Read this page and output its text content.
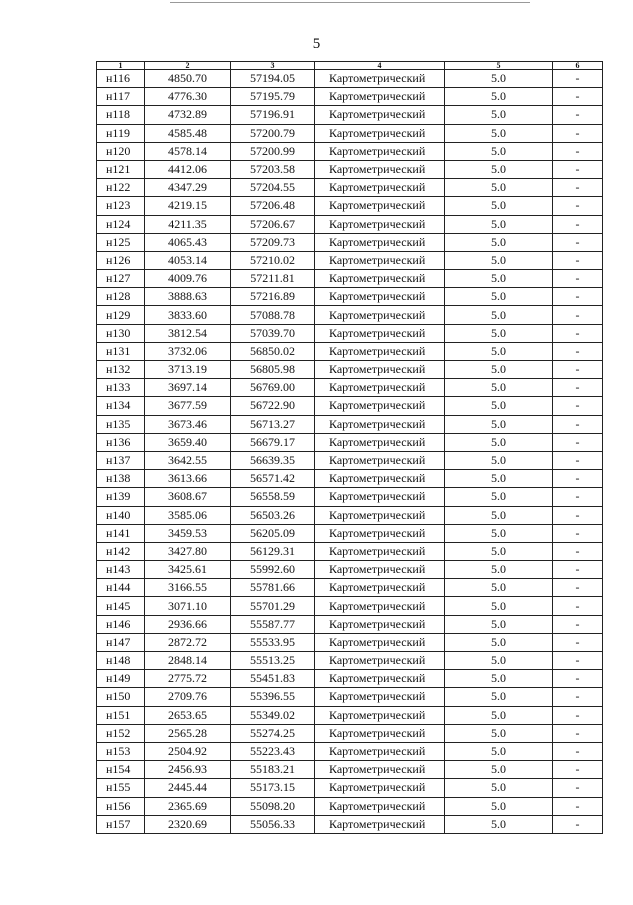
5
1	2	3	4	5	6
н116	4850.70	57194.05	Картометрический	5.0	-
н117	4776.30	57195.79	Картометрический	5.0	-
н118	4732.89	57196.91	Картометрический	5.0	-
н119	4585.48	57200.79	Картометрический	5.0	-
н120	4578.14	57200.99	Картометрический	5.0	-
н121	4412.06	57203.58	Картометрический	5.0	-
н122	4347.29	57204.55	Картометрический	5.0	-
н123	4219.15	57206.48	Картометрический	5.0	-
н124	4211.35	57206.67	Картометрический	5.0	-
н125	4065.43	57209.73	Картометрический	5.0	-
н126	4053.14	57210.02	Картометрический	5.0	-
н127	4009.76	57211.81	Картометрический	5.0	-
н128	3888.63	57216.89	Картометрический	5.0	-
н129	3833.60	57088.78	Картометрический	5.0	-
н130	3812.54	57039.70	Картометрический	5.0	-
н131	3732.06	56850.02	Картометрический	5.0	-
н132	3713.19	56805.98	Картометрический	5.0	-
н133	3697.14	56769.00	Картометрический	5.0	-
н134	3677.59	56722.90	Картометрический	5.0	-
н135	3673.46	56713.27	Картометрический	5.0	-
н136	3659.40	56679.17	Картометрический	5.0	-
н137	3642.55	56639.35	Картометрический	5.0	-
н138	3613.66	56571.42	Картометрический	5.0	-
н139	3608.67	56558.59	Картометрический	5.0	-
н140	3585.06	56503.26	Картометрический	5.0	-
н141	3459.53	56205.09	Картометрический	5.0	-
н142	3427.80	56129.31	Картометрический	5.0	-
н143	3425.61	55992.60	Картометрический	5.0	-
н144	3166.55	55781.66	Картометрический	5.0	-
н145	3071.10	55701.29	Картометрический	5.0	-
н146	2936.66	55587.77	Картометрический	5.0	-
н147	2872.72	55533.95	Картометрический	5.0	-
н148	2848.14	55513.25	Картометрический	5.0	-
н149	2775.72	55451.83	Картометрический	5.0	-
н150	2709.76	55396.55	Картометрический	5.0	-
н151	2653.65	55349.02	Картометрический	5.0	-
н152	2565.28	55274.25	Картометрический	5.0	-
н153	2504.92	55223.43	Картометрический	5.0	-
н154	2456.93	55183.21	Картометрический	5.0	-
н155	2445.44	55173.15	Картометрический	5.0	-
н156	2365.69	55098.20	Картометрический	5.0	-
н157	2320.69	55056.33	Картометрический	5.0	-
